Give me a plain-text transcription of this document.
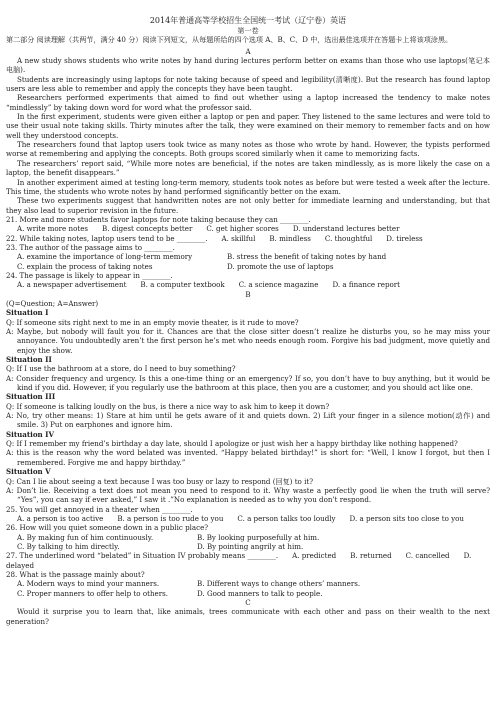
2014年普通高等学校招生全国统一考试（辽宁卷）英语
第一卷
第二部分 阅读理解（共两节，满分 40 分）阅读下列短文，从每题所给的四个选项 A、B、C、D 中，选出最佳选项并在答题卡上将该项涂黑。
A
A new study shows students who write notes by hand during lectures perform better on exams than those who use laptops(笔记本电脑).
Students are increasingly using laptops for note taking because of speed and legibility(清晰度). But the research has found laptop users are less able to remember and apply the concepts they have been taught.
Researchers performed experiments that aimed to find out whether using a laptop increased the tendency to make notes “mindlessly” by taking down word for word what the professor said.
In the first experiment, students were given either a laptop or pen and paper. They listened to the same lectures and were told to use their usual note taking skills. Thirty minutes after the talk, they were examined on their memory to remember facts and on how well they understood concepts.
The researchers found that laptop users took twice as many notes as those who wrote by hand. However, the typists performed worse at remembering and applying the concepts. Both groups scored similarly when it came to memorizing facts.
The researchers’ report said, “While more notes are beneficial, if the notes are taken mindlessly, as is more likely the case on a laptop, the benefit disappears.”
In another experiment aimed at testing long-term memory, students took notes as before but were tested a week after the lecture. This time, the students who wrote notes by hand performed significantly better on the exam.
These two experiments suggest that handwritten notes are not only better for immediate learning and understanding, but that they also lead to superior revision in the future.
21. More and more students favor laptops for note taking because they can ________.
A. write more notes B. digest concepts better C. get higher scores D. understand lectures better
22. While taking notes, laptop users tend to be ________. A. skillful B. mindless C. thoughtful D. tireless
23. The author of the passage aims to ________.
A. examine the importance of long-term memory	B. stress the benefit of taking notes by hand
C. explain the process of taking notes	D. promote the use of laptops
24. The passage is likely to appear in ________.
A. a newspaper advertisement B. a computer textbook C. a science magazine D. a finance report
B
(Q=Question; A=Answer)
Situation I
Q: If someone sits right next to me in an empty movie theater, is it rude to move?
A: Maybe, but nobody will fault you for it. Chances are that the close sitter doesn’t realize he disturbs you, so he may miss your annoyance. You undoubtedly aren’t the first person he’s met who needs enough room. Forgive his bad judgment, move quietly and enjoy the show.
Situation II
Q: If I use the bathroom at a store, do I need to buy something?
A: Consider frequency and urgency. Is this a one-time thing or an emergency? If so, you don’t have to buy anything, but it would be kind if you did. However, if you regularly use the bathroom at this place, then you are a customer, and you should act like one.
Situation III
Q: If someone is talking loudly on the bus, is there a nice way to ask him to keep it down?
A: No, try other means: 1) Stare at him until he gets aware of it and quiets down. 2) Lift your finger in a silence motion(动作) and smile. 3) Put on earphones and ignore him.
Situation IV
Q: If I remember my friend’s birthday a day late, should I apologize or just wish her a happy birthday like nothing happened?
A: this is the reason why the word belated was invented. “Happy belated birthday!” is short for: “Well, I know I forgot, but then I remembered. Forgive me and happy birthday.”
Situation V
Q: Can I lie about seeing a text because I was too busy or lazy to respond (回复) to it?
A: Don’t lie. Receiving a text does not mean you need to respond to it. Why waste a perfectly good lie when the truth will serve? “Yes”, you can say if ever asked,” I saw it .”No explanation is needed as to why you don’t respond.
25. You will get annoyed in a theater when ________.
A. a person is too active B. a person is too rude to you C. a person talks too loudly D. a person sits too close to you
26. How will you quiet someone down in a public place?
A. By making fun of him continuously.	B. By looking purposefully at him.
C. By talking to him directly.	D. By pointing angrily at him.
27. The underlined word “belated” in Situation IV probably means ________. A. predicted B. returned C. cancelled D. delayed
28. What is the passage mainly about?
A. Modern ways to mind your manners.	B. Different ways to change others’ manners.
C. Proper manners to offer help to others.	D. Good manners to talk to people.
C
Would it surprise you to learn that, like animals, trees communicate with each other and pass on their wealth to the next generation?
